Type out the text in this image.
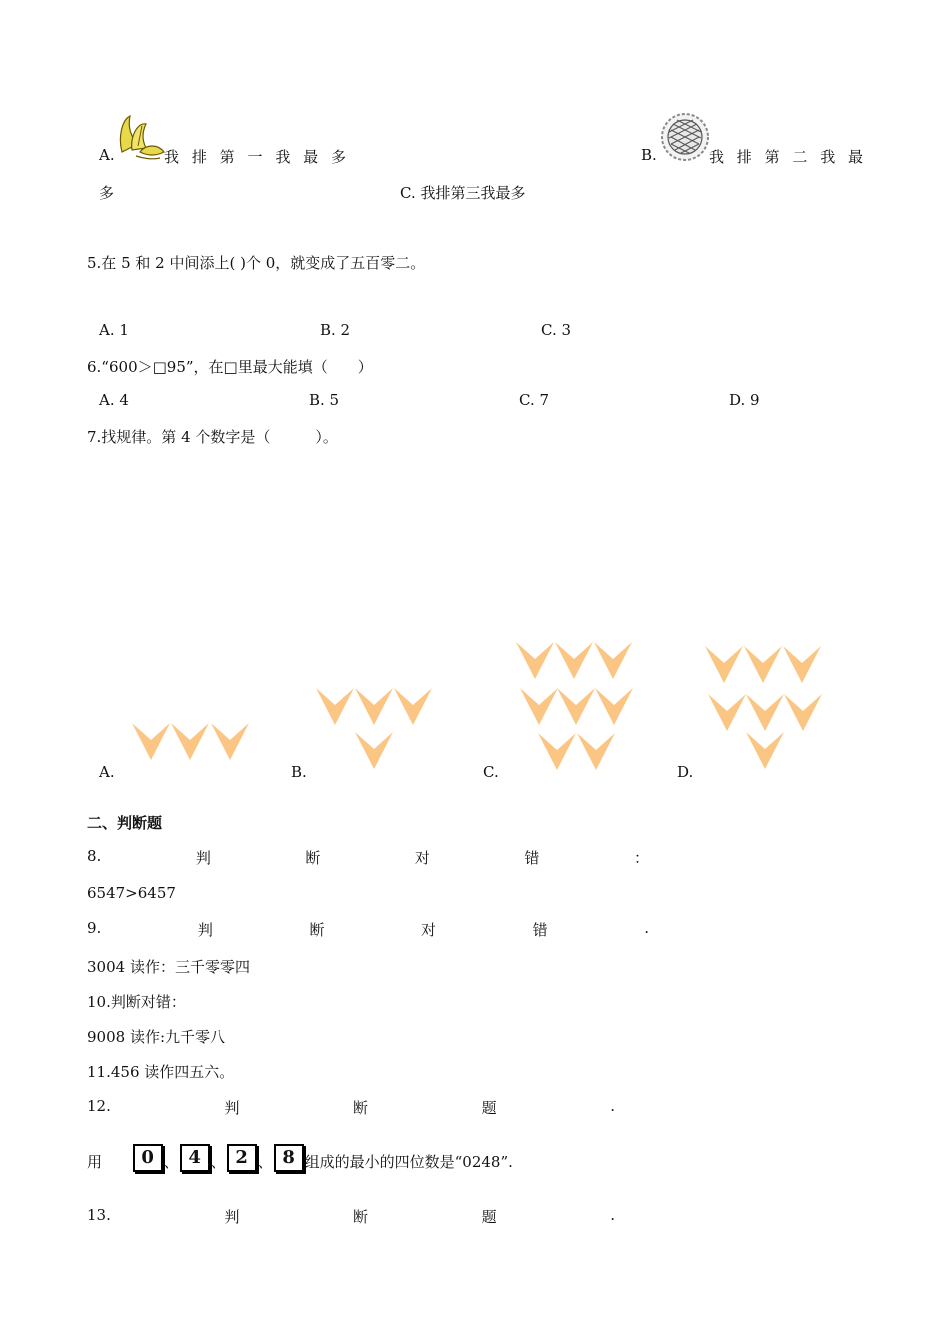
A.	我 排 第 一 我 最 多	B.	我 排 第 二 我 最
多	C. 我排第三我最多
5.在 5 和 2 中间添上( )个 0，就变成了五百零二。
A. 1	B. 2	C. 3
6.“600＞□95”，在□里最大能填（　　）
A. 4	B. 5	C. 7	D. 9
7.找规律。第 4 个数字是（　　　）。
A.	B.	C.	D.
二、判断题
8.	判	断	对	错	：
6547>6457
9.	判	断	对	错	.
3004 读作：三千零零四
10.判断对错：
9008 读作:九千零八
11.456 读作四五六。
12.	判	断	题	.
用 0 、 4 、 2 、 8 组成的最小的四位数是“0248”.
13.	判	断	题	.
